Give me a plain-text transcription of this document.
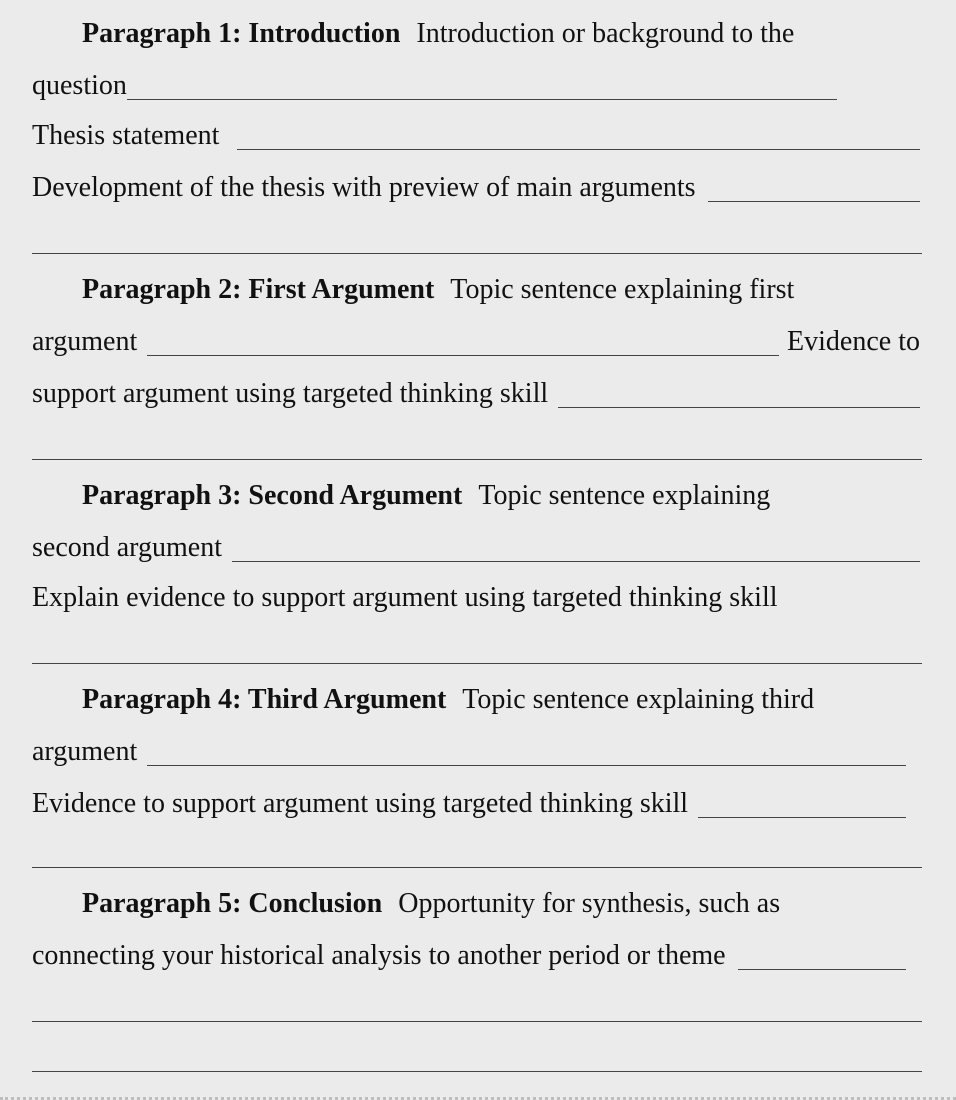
Paragraph 1: Introduction Introduction or background to the
question
Thesis statement
Development of the thesis with preview of main arguments
Paragraph 2: First Argument Topic sentence explaining first
argument	Evidence to
support argument using targeted thinking skill
Paragraph 3: Second Argument Topic sentence explaining
second argument
Explain evidence to support argument using targeted thinking skill
Paragraph 4: Third Argument Topic sentence explaining third
argument
Evidence to support argument using targeted thinking skill
Paragraph 5: Conclusion Opportunity for synthesis, such as
connecting your historical analysis to another period or theme
